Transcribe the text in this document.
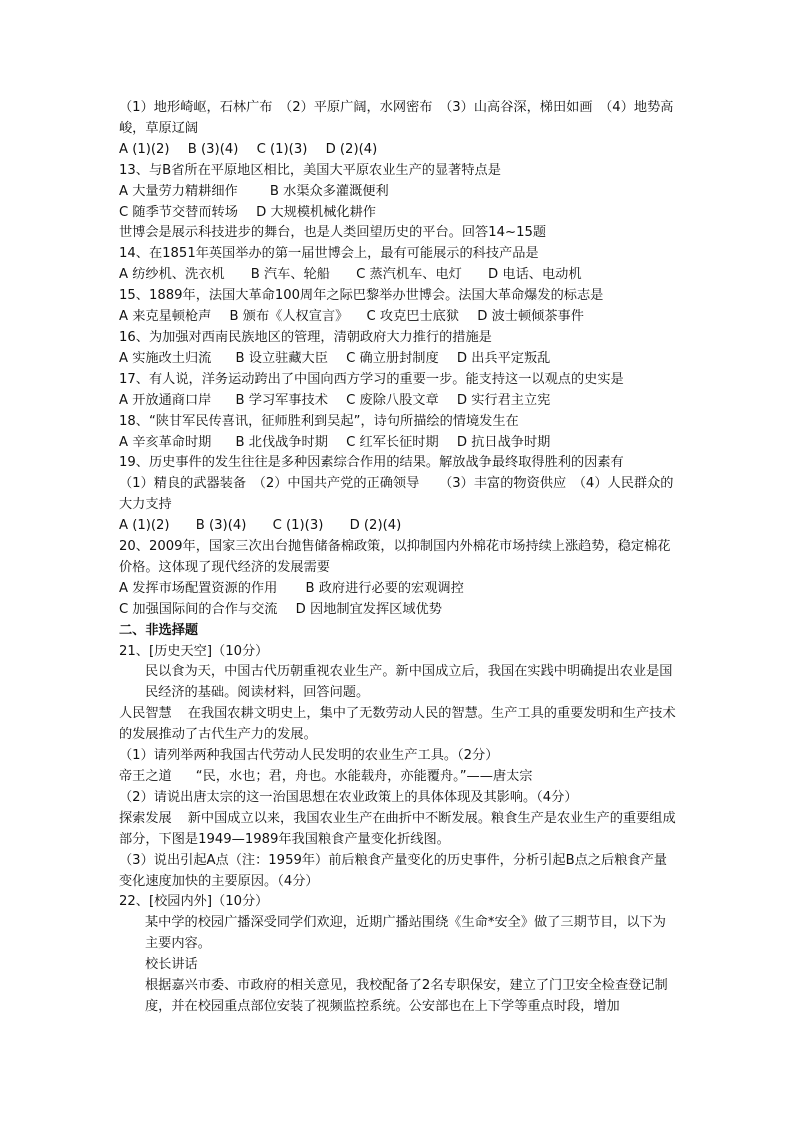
（1）地形崎岖，石林广布　（2）平原广阔，水网密布　（3）山高谷深，梯田如画　（4）地势高峻，草原辽阔

A (1)(2) B (3)(4) C (1)(3) D (2)(4)

13、与B省所在平原地区相比，美国大平原农业生产的显著特点是

A 大量劳力精耕细作 B 水渠众多灌溉便利

C 随季节交替而转场 D 大规模机械化耕作

世博会是展示科技进步的舞台，也是人类回望历史的平台。回答14~15题

14、在1851年英国举办的第一届世博会上，最有可能展示的科技产品是

A 纺纱机、洗衣机 B 汽车、轮船 C 蒸汽机车、电灯 D 电话、电动机

15、1889年，法国大革命100周年之际巴黎举办世博会。法国大革命爆发的标志是

A 来克星顿枪声 B 颁布《人权宣言》 C 攻克巴士底狱 D 波士顿倾茶事件

16、为加强对西南民族地区的管理，清朝政府大力推行的措施是

A 实施改土归流 B 设立驻藏大臣 C 确立册封制度 D 出兵平定叛乱

17、有人说，洋务运动跨出了中国向西方学习的重要一步。能支持这一以观点的史实是

A 开放通商口岸 B 学习军事技术 C 废除八股文章 D 实行君主立宪

18、“陕甘军民传喜讯，征师胜利到吴起”，诗句所描绘的情境发生在

A 辛亥革命时期 B 北伐战争时期 C 红军长征时期 D 抗日战争时期

19、历史事件的发生往往是多种因素综合作用的结果。解放战争最终取得胜利的因素有

（1）精良的武器装备　（2）中国共产党的正确领导　　（3）丰富的物资供应　（4）人民群众的大力支持

A (1)(2) B (3)(4) C (1)(3) D (2)(4)

20、2009年，国家三次出台抛售储备棉政策，以抑制国内外棉花市场持续上涨趋势，稳定棉花价格。这体现了现代经济的发展需要

A 发挥市场配置资源的作用 B 政府进行必要的宏观调控

C 加强国际间的合作与交流 D 因地制宜发挥区域优势

二、非选择题

21、[历史天空]（10分）

民以食为天，中国古代历朝重视农业生产。新中国成立后，我国在实践中明确提出农业是国民经济的基础。阅读材料，回答问题。

人民智慧 在我国农耕文明史上，集中了无数劳动人民的智慧。生产工具的重要发明和生产技术的发展推动了古代生产力的发展。

（1）请列举两种我国古代劳动人民发明的农业生产工具。（2分）

帝王之道 “民，水也；君，舟也。水能载舟，亦能覆舟。”——唐太宗

（2）请说出唐太宗的这一治国思想在农业政策上的具体体现及其影响。（4分）

探索发展 新中国成立以来，我国农业生产在曲折中不断发展。粮食生产是农业生产的重要组成部分，下图是1949—1989年我国粮食产量变化折线图。

（3）说出引起A点（注：1959年）前后粮食产量变化的历史事件，分析引起B点之后粮食产量变化速度加快的主要原因。（4分）

22、[校园内外]（10分）

某中学的校园广播深受同学们欢迎，近期广播站围绕《生命*安全》做了三期节目，以下为主要内容。

校长讲话

根据嘉兴市委、市政府的相关意见，我校配备了2名专职保安，建立了门卫安全检查登记制度，并在校园重点部位安装了视频监控系统。公安部也在上下学等重点时段，增加
